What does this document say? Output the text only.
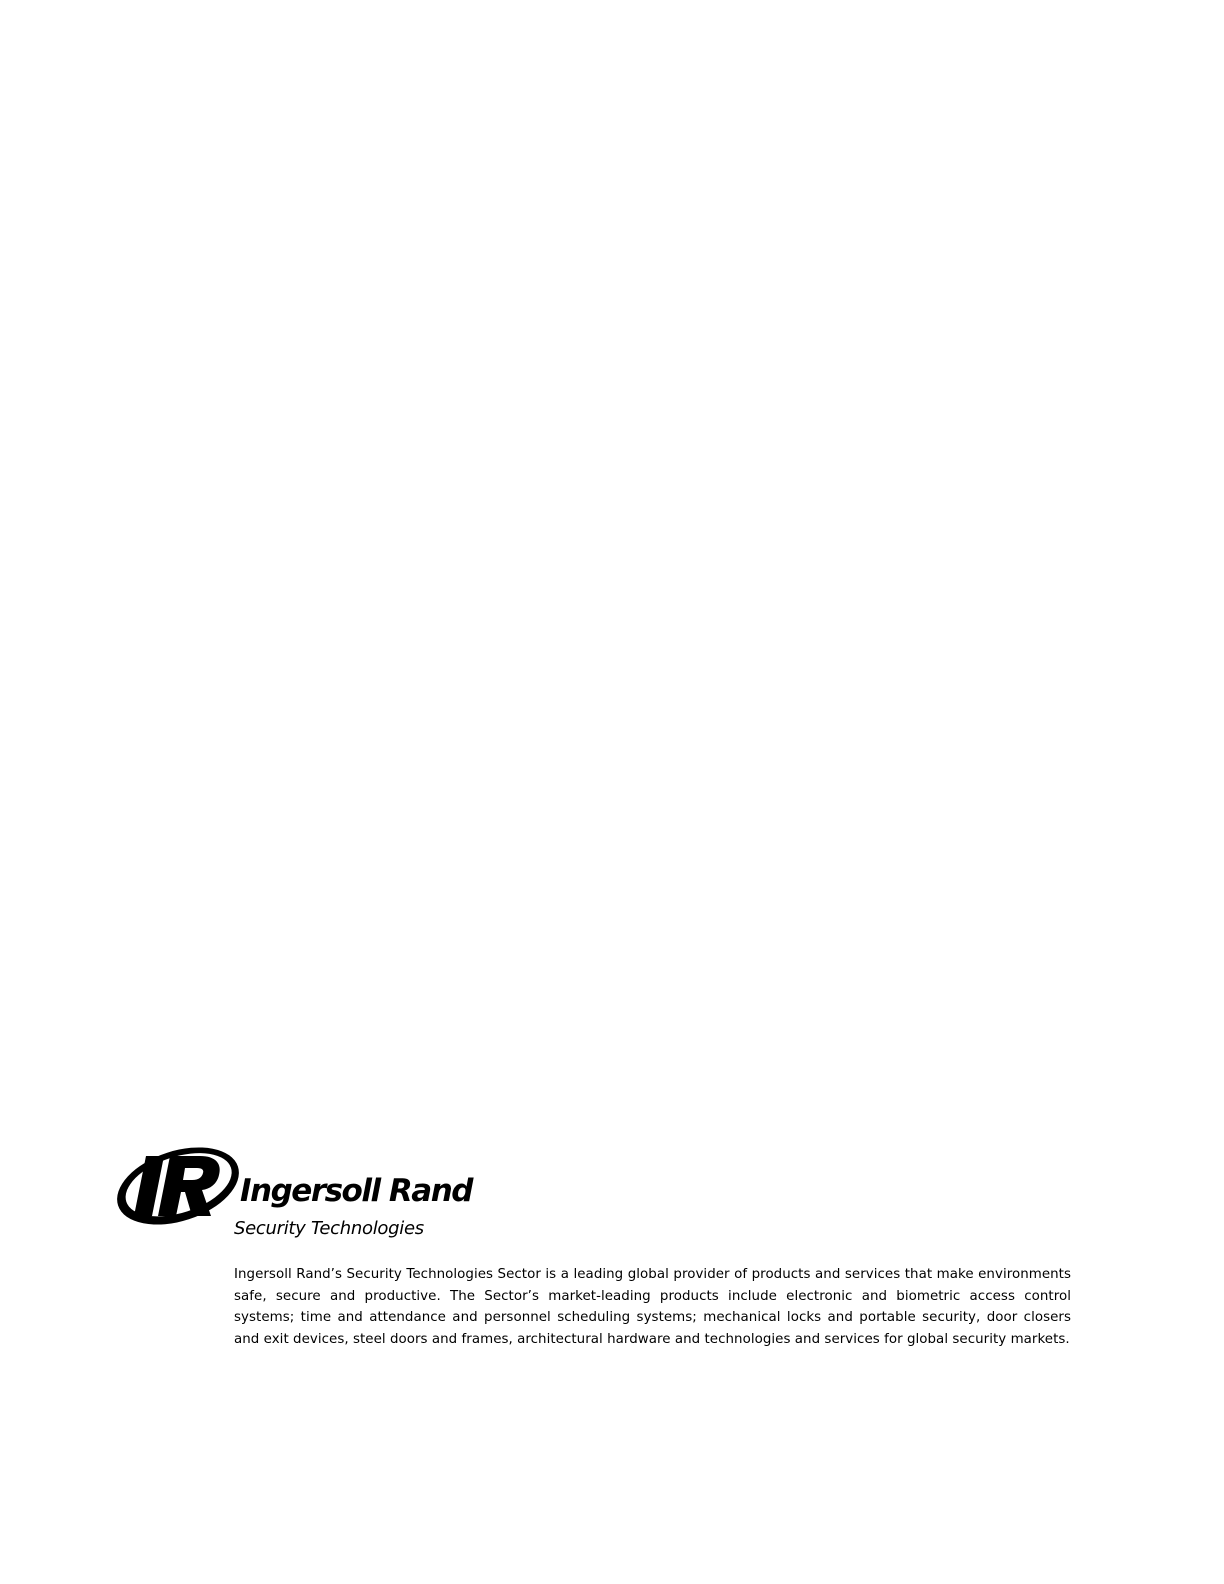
Ingersoll Rand
Security Technologies

Ingersoll Rand’s Security Technologies Sector is a leading global provider of products and services that make environments safe, secure and productive. The Sector’s market-leading products include electronic and biometric access control systems; time and attendance and personnel scheduling systems; mechanical locks and portable security, door closers and exit devices, steel doors and frames, architectural hardware and technologies and services for global security markets.
